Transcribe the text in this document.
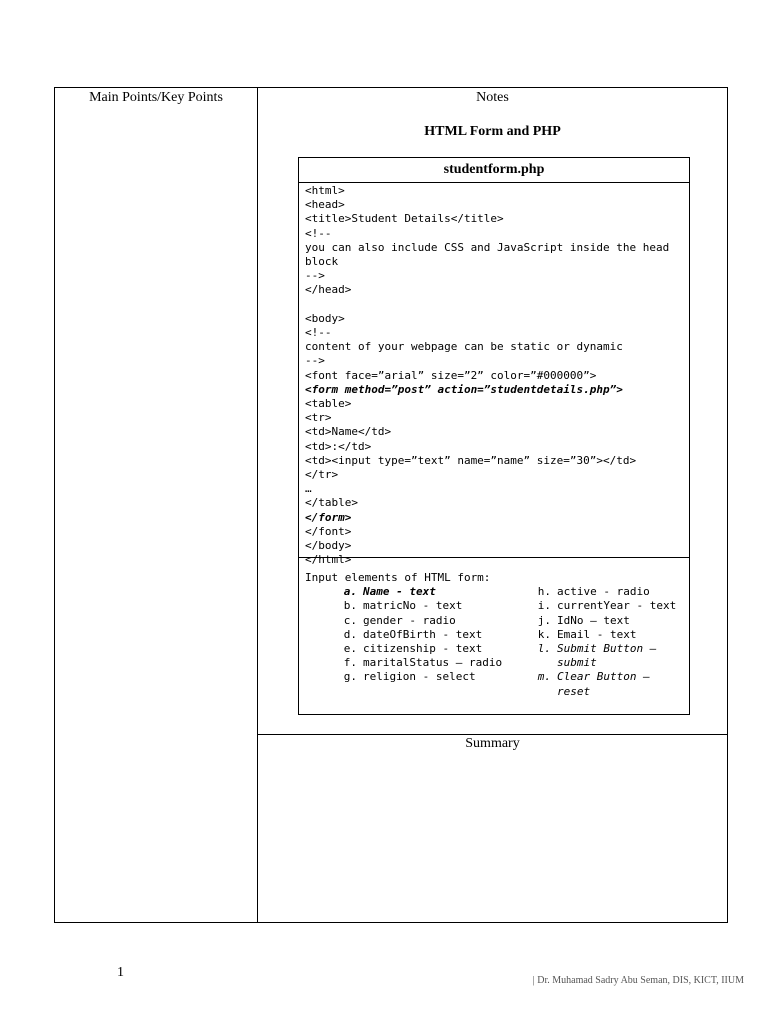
Main Points/Key Points	Notes
HTML Form and PHP
studentform.php
<html>
<head>
<title>Student Details</title>
<!--
you can also include CSS and JavaScript inside the head block
-->
</head>

<body>
<!--
content of your webpage can be static or dynamic
-->
<font face=”arial” size=”2” color=”#000000”>
<form method=”post” action=”studentdetails.php”>
<table>
<tr>
<td>Name</td>
<td>:</td>
<td><input type=”text” name=”name” size=”30”></td>
</tr>
…
</table>
</form>
</font>
</body>
</html>
Input elements of HTML form:
a. Name - text
b. matricNo - text
c. gender - radio
d. dateOfBirth - text
e. citizenship - text
f. maritalStatus – radio
g. religion - select
h. active - radio
i. currentYear - text
j. IdNo – text
k. Email - text
l. Submit Button – submit
m. Clear Button – reset
Summary
1
| Dr. Muhamad Sadry Abu Seman, DIS, KICT, IIUM
